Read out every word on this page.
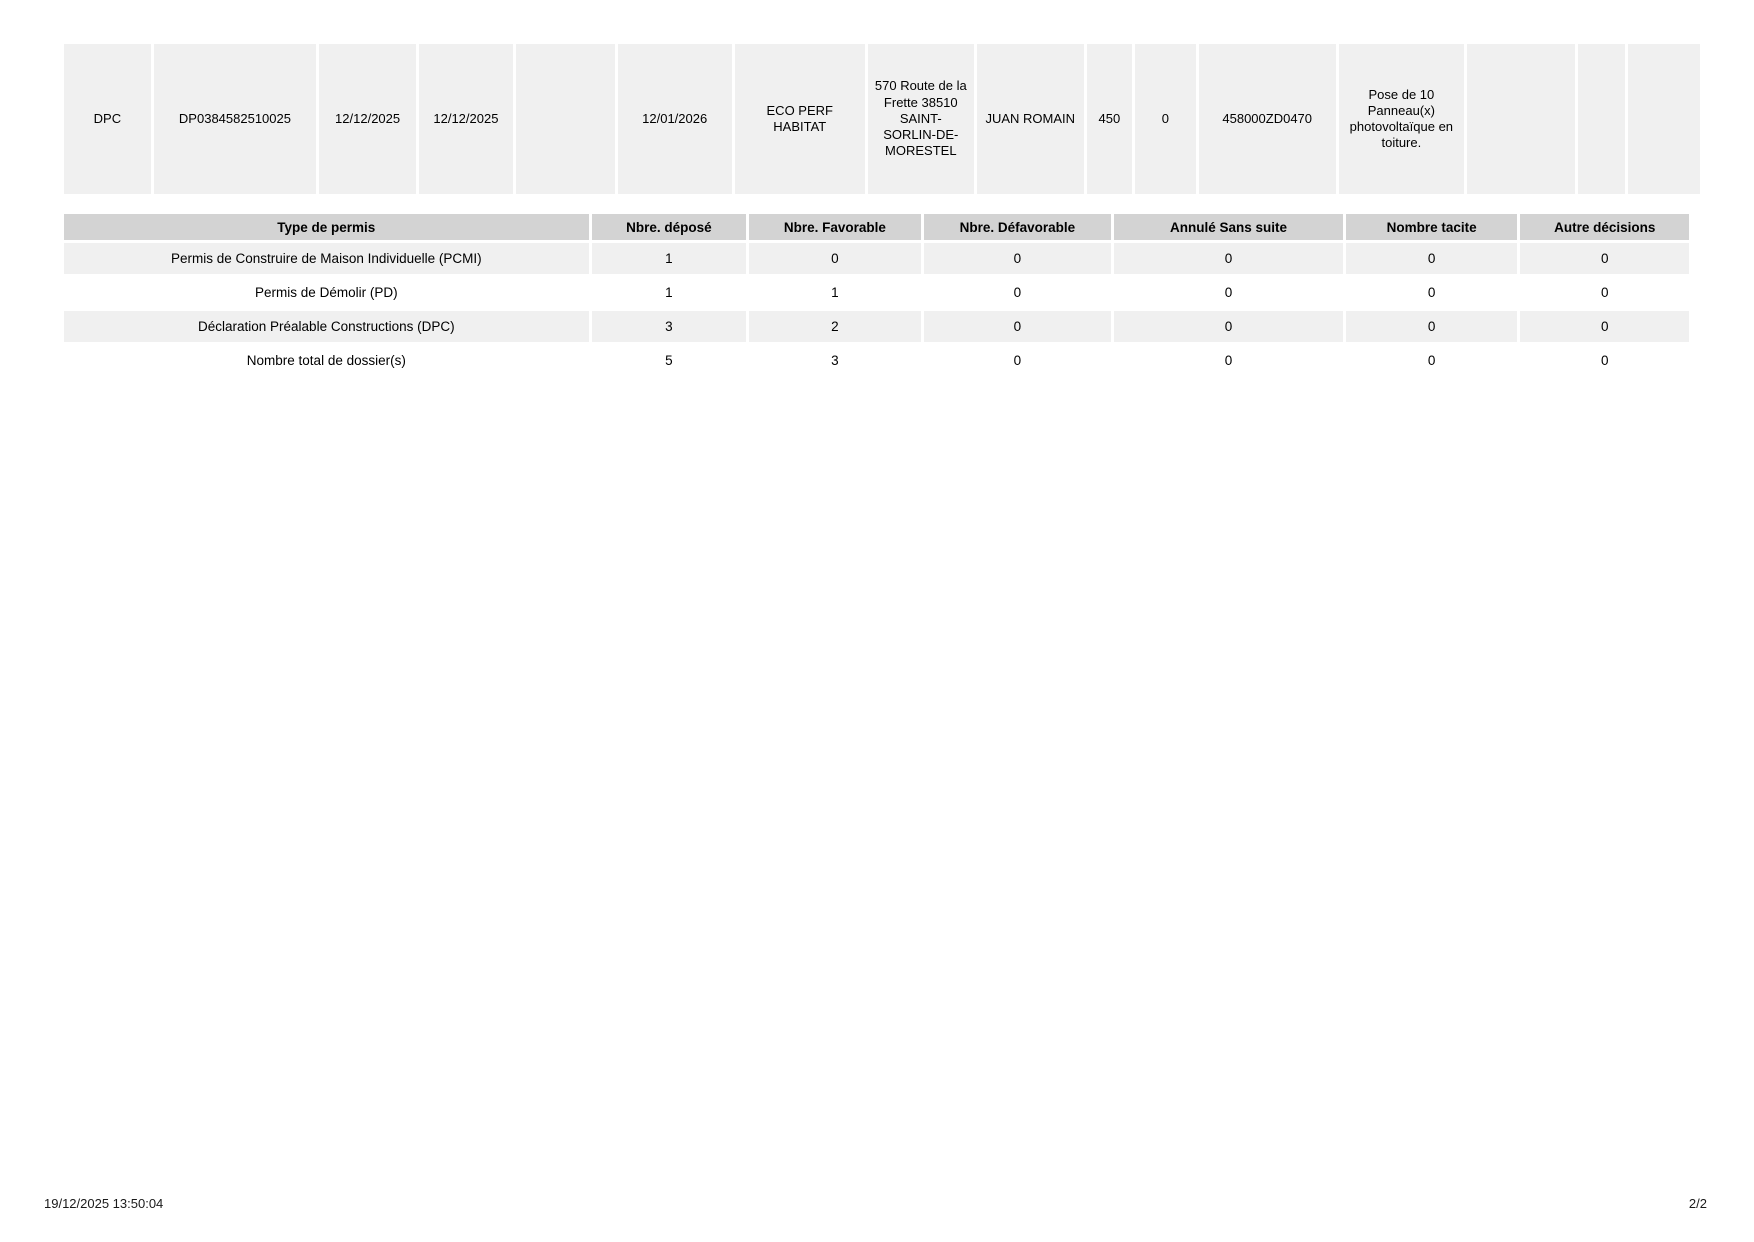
DPC	DP0384582510025	12/12/2025	12/12/2025		12/01/2026	ECO PERF HABITAT	570 Route de la Frette 38510 SAINT-SORLIN-DE-MORESTEL	JUAN ROMAIN	450	0	458000ZD0470	Pose de 10 Panneau(x) photovoltaïque en toiture.			
Type de permis	Nbre. déposé	Nbre. Favorable	Nbre. Défavorable	Annulé Sans suite	Nombre tacite	Autre décisions
Permis de Construire de Maison Individuelle (PCMI)	1	0	0	0	0	0
Permis de Démolir (PD)	1	1	0	0	0	0
Déclaration Préalable Constructions (DPC)	3	2	0	0	0	0
Nombre total de dossier(s)	5	3	0	0	0	0
19/12/2025 13:50:04	2/2
